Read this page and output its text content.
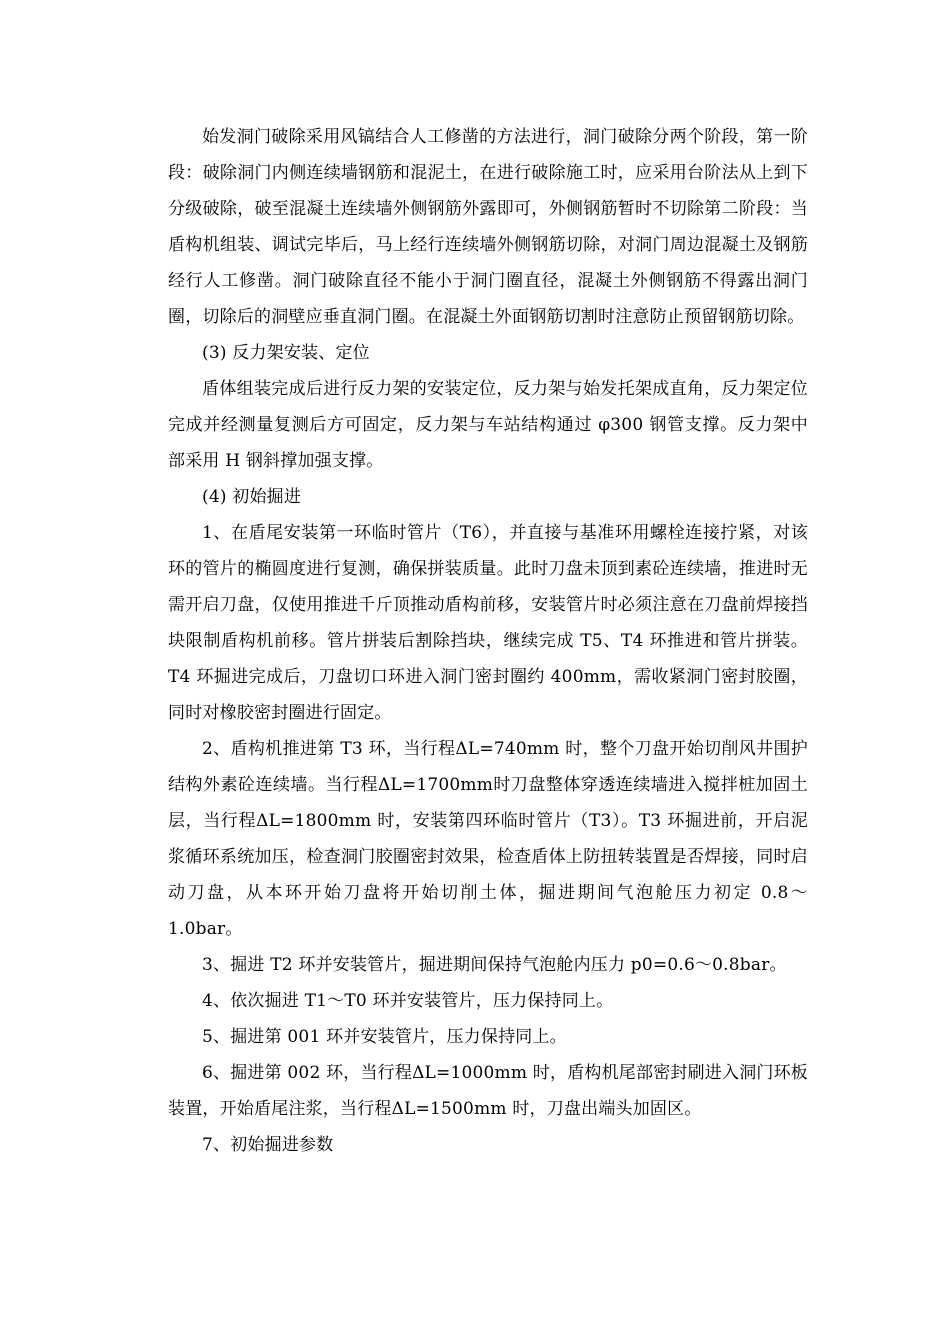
始发洞门破除采用风镐结合人工修凿的方法进行，洞门破除分两个阶段，第一阶段：破除洞门内侧连续墙钢筋和混泥土，在进行破除施工时，应采用台阶法从上到下分级破除，破至混凝土连续墙外侧钢筋外露即可，外侧钢筋暂时不切除第二阶段：当盾构机组装、调试完毕后，马上经行连续墙外侧钢筋切除，对洞门周边混凝土及钢筋经行人工修凿。洞门破除直径不能小于洞门圈直径，混凝土外侧钢筋不得露出洞门圈，切除后的洞壁应垂直洞门圈。在混凝土外面钢筋切割时注意防止预留钢筋切除。

(3) 反力架安装、定位

盾体组装完成后进行反力架的安装定位，反力架与始发托架成直角，反力架定位完成并经测量复测后方可固定，反力架与车站结构通过 φ300 钢管支撑。反力架中部采用 H 钢斜撑加强支撑。

(4) 初始掘进

1、在盾尾安装第一环临时管片（T6），并直接与基准环用螺栓连接拧紧，对该环的管片的椭圆度进行复测，确保拼装质量。此时刀盘未顶到素砼连续墙，推进时无需开启刀盘，仅使用推进千斤顶推动盾构前移，安装管片时必须注意在刀盘前焊接挡块限制盾构机前移。管片拼装后割除挡块，继续完成 T5、T4 环推进和管片拼装。T4 环掘进完成后，刀盘切口环进入洞门密封圈约 400mm，需收紧洞门密封胶圈，同时对橡胶密封圈进行固定。

2、盾构机推进第 T3 环，当行程ΔL=740mm 时，整个刀盘开始切削风井围护结构外素砼连续墙。当行程ΔL=1700mm时刀盘整体穿透连续墙进入搅拌桩加固土层，当行程ΔL=1800mm 时，安装第四环临时管片（T3）。T3 环掘进前，开启泥浆循环系统加压，检查洞门胶圈密封效果，检查盾体上防扭转装置是否焊接，同时启动刀盘，从本环开始刀盘将开始切削土体，掘进期间气泡舱压力初定 0.8～1.0bar。

3、掘进 T2 环并安装管片，掘进期间保持气泡舱内压力 p0=0.6～0.8bar。

4、依次掘进 T1～T0 环并安装管片，压力保持同上。

5、掘进第 001 环并安装管片，压力保持同上。

6、掘进第 002 环，当行程ΔL=1000mm 时，盾构机尾部密封刷进入洞门环板装置，开始盾尾注浆，当行程ΔL=1500mm 时，刀盘出端头加固区。

7、初始掘进参数
